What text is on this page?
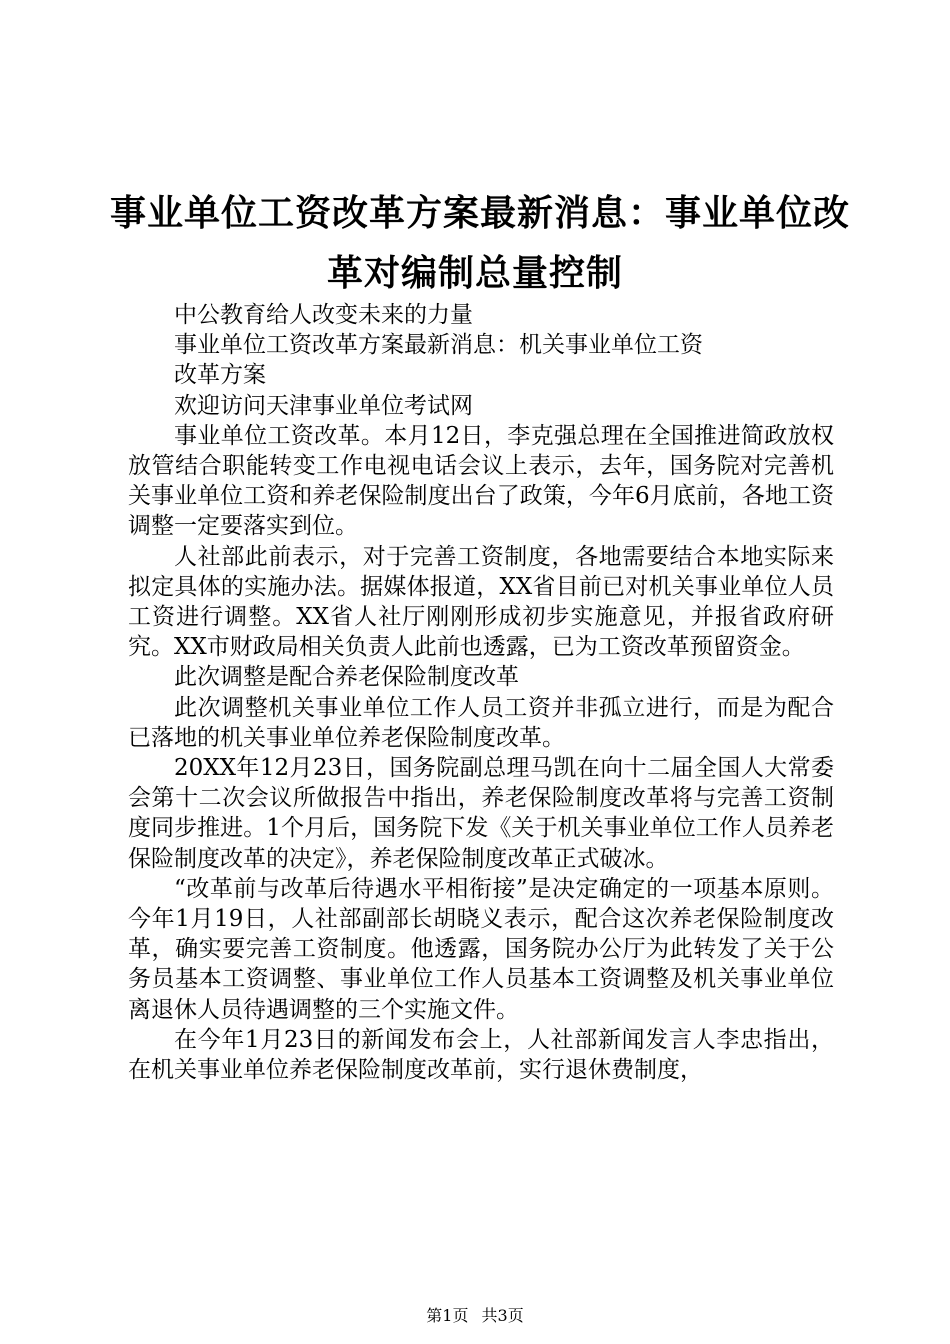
事业单位工资改革方案最新消息：事业单位改
革对编制总量控制

中公教育给人改变未来的力量

事业单位工资改革方案最新消息：机关事业单位工资

改革方案

欢迎访问天津事业单位考试网

事业单位工资改革。本月12日，李克强总理在全国推进简政放权放管结合职能转变工作电视电话会议上表示，去年，国务院对完善机关事业单位工资和养老保险制度出台了政策，今年6月底前，各地工资调整一定要落实到位。

人社部此前表示，对于完善工资制度，各地需要结合本地实际来拟定具体的实施办法。据媒体报道，XX省目前已对机关事业单位人员工资进行调整。XX省人社厅刚刚形成初步实施意见，并报省政府研究。XX市财政局相关负责人此前也透露，已为工资改革预留资金。

此次调整是配合养老保险制度改革

此次调整机关事业单位工作人员工资并非孤立进行，而是为配合已落地的机关事业单位养老保险制度改革。

20XX年12月23日，国务院副总理马凯在向十二届全国人大常委会第十二次会议所做报告中指出，养老保险制度改革将与完善工资制度同步推进。1个月后，国务院下发《关于机关事业单位工作人员养老保险制度改革的决定》，养老保险制度改革正式破冰。

“改革前与改革后待遇水平相衔接”是决定确定的一项基本原则。今年1月19日，人社部副部长胡晓义表示，配合这次养老保险制度改革，确实要完善工资制度。他透露，国务院办公厅为此转发了关于公务员基本工资调整、事业单位工作人员基本工资调整及机关事业单位离退休人员待遇调整的三个实施文件。

在今年1月23日的新闻发布会上，人社部新闻发言人李忠指出，在机关事业单位养老保险制度改革前，实行退休费制度，

第1页 共3页
